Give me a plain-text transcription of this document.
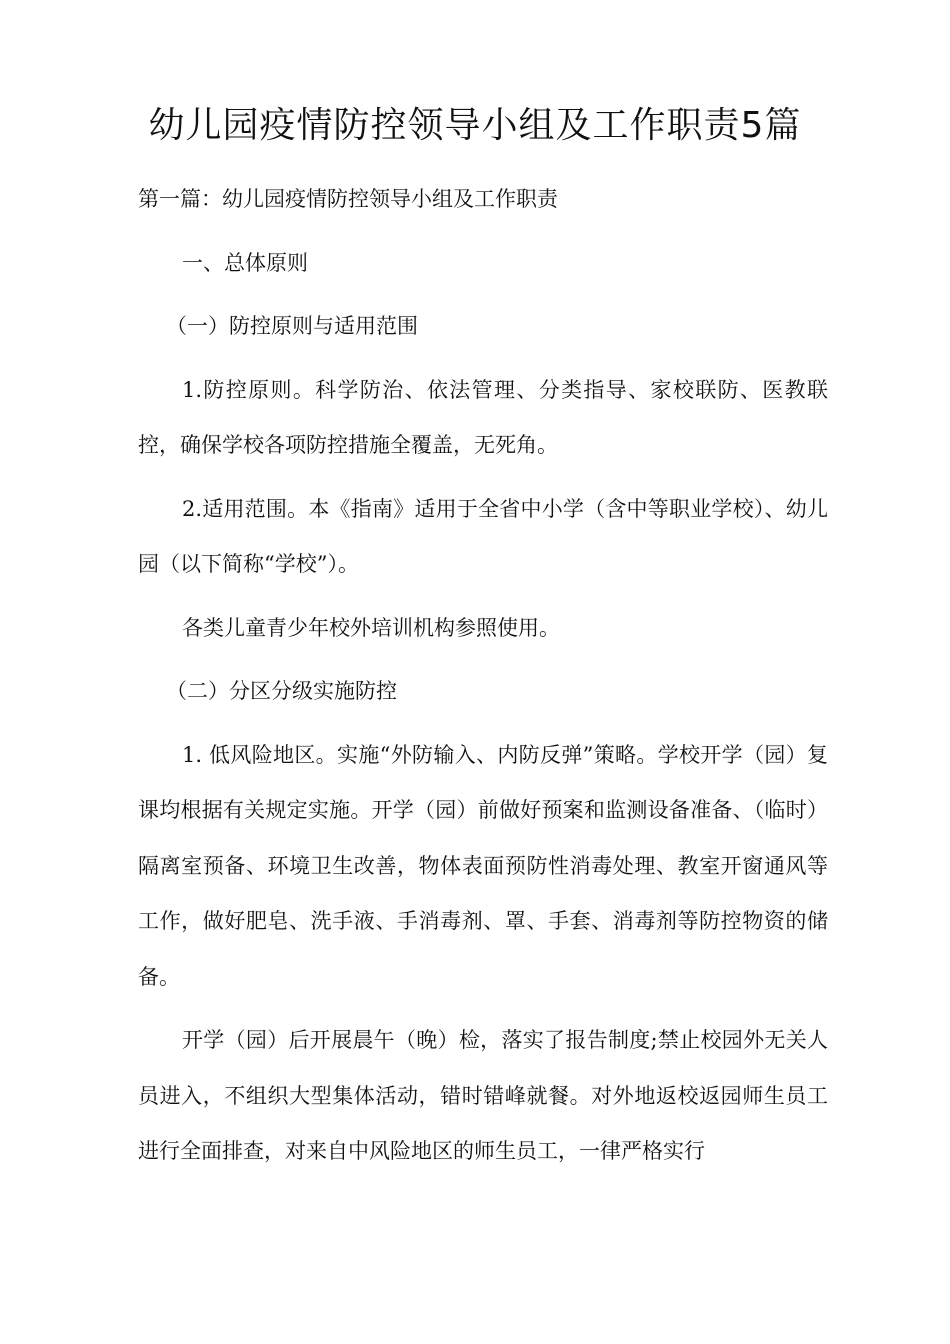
幼儿园疫情防控领导小组及工作职责5篇

第一篇：幼儿园疫情防控领导小组及工作职责

一、总体原则

（一）防控原则与适用范围

1.防控原则。科学防治、依法管理、分类指导、家校联防、医教联控，确保学校各项防控措施全覆盖，无死角。

2.适用范围。本《指南》适用于全省中小学（含中等职业学校）、幼儿园（以下简称“学校”）。

各类儿童青少年校外培训机构参照使用。

（二）分区分级实施防控

1. 低风险地区。实施“外防输入、内防反弹”策略。学校开学（园）复课均根据有关规定实施。开学（园）前做好预案和监测设备准备、（临时）隔离室预备、环境卫生改善，物体表面预防性消毒处理、教室开窗通风等工作，做好肥皂、洗手液、手消毒剂、罩、手套、消毒剂等防控物资的储备。

开学（园）后开展晨午（晚）检，落实了报告制度;禁止校园外无关人员进入，不组织大型集体活动，错时错峰就餐。对外地返校返园师生员工进行全面排查，对来自中风险地区的师生员工，一律严格实行
